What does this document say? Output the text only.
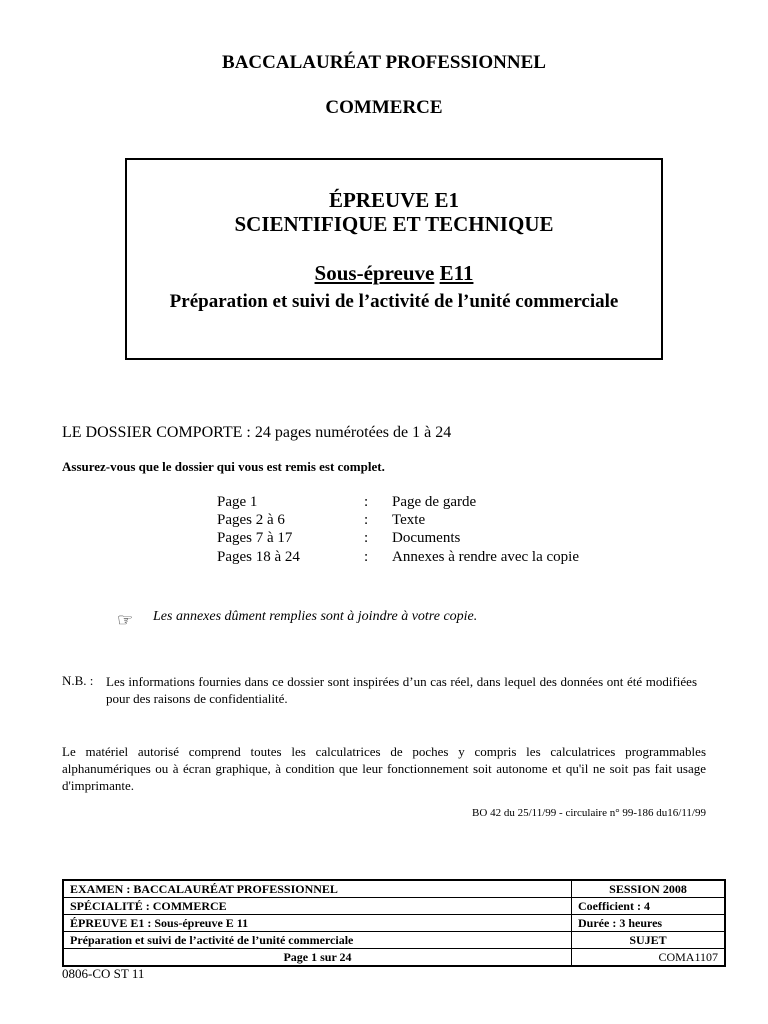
BACCALAURÉAT PROFESSIONNEL
COMMERCE
ÉPREUVE E1
SCIENTIFIQUE ET TECHNIQUE
Sous-épreuve E11
Préparation et suivi de l’activité de l’unité commerciale
LE DOSSIER COMPORTE : 24 pages numérotées de 1 à 24
Assurez-vous que le dossier qui vous est remis est complet.
Page 1	: Page de garde
Pages 2 à 6	: Texte
Pages 7 à 17	: Documents
Pages 18 à 24	: Annexes à rendre avec la copie
☞ Les annexes dûment remplies sont à joindre à votre copie.
N.B. : Les informations fournies dans ce dossier sont inspirées d’un cas réel, dans lequel des données ont été modifiées pour des raisons de confidentialité.
Le matériel autorisé comprend toutes les calculatrices de poches y compris les calculatrices programmables alphanumériques ou à écran graphique, à condition que leur fonctionnement soit autonome et qu'il ne soit pas fait usage d'imprimante.
BO 42 du 25/11/99 - circulaire n° 99-186 du16/11/99
EXAMEN : BACCALAURÉAT PROFESSIONNEL	SESSION 2008
SPÉCIALITÉ : COMMERCE	Coefficient : 4
ÉPREUVE E1 : Sous-épreuve E 11	Durée : 3 heures
Préparation et suivi de l’activité de l’unité commerciale	SUJET
Page 1 sur 24	COMA1107
0806-CO ST 11
